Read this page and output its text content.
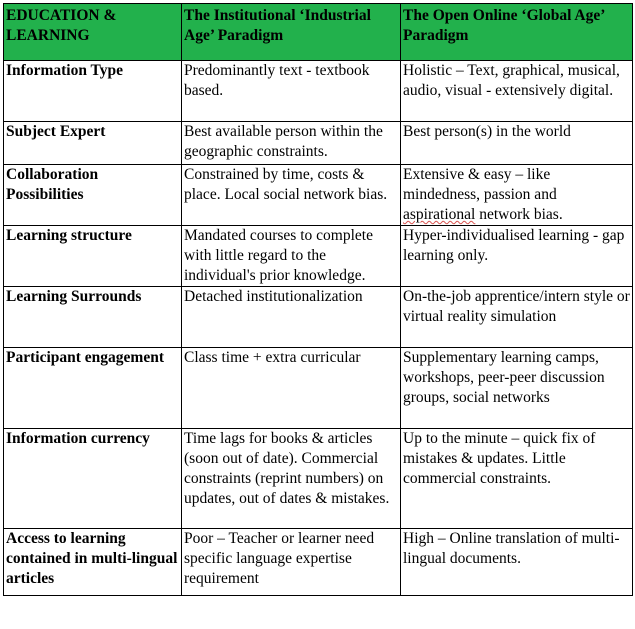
EDUCATION & LEARNING	The Institutional ‘Industrial Age’ Paradigm	The Open Online ‘Global Age’ Paradigm
Information Type	Predominantly text - textbook based.	Holistic – Text, graphical, musical, audio, visual - extensively digital.
Subject Expert	Best available person within the geographic constraints.	Best person(s) in the world
Collaboration Possibilities	Constrained by time, costs & place. Local social network bias.	Extensive & easy – like mindedness, passion and aspirational network bias.
Learning structure	Mandated courses to complete with little regard to the individual's prior knowledge.	Hyper-individualised learning - gap learning only.
Learning Surrounds	Detached institutionalization	On-the-job apprentice/intern style or virtual reality simulation
Participant engagement	Class time + extra curricular	Supplementary learning camps, workshops, peer-peer discussion groups, social networks
Information currency	Time lags for books & articles (soon out of date). Commercial constraints (reprint numbers) on updates, out of dates & mistakes.	Up to the minute – quick fix of mistakes & updates. Little commercial constraints.
Access to learning contained in multi-lingual articles	Poor – Teacher or learner need specific language expertise requirement	High – Online translation of multi-lingual documents.
